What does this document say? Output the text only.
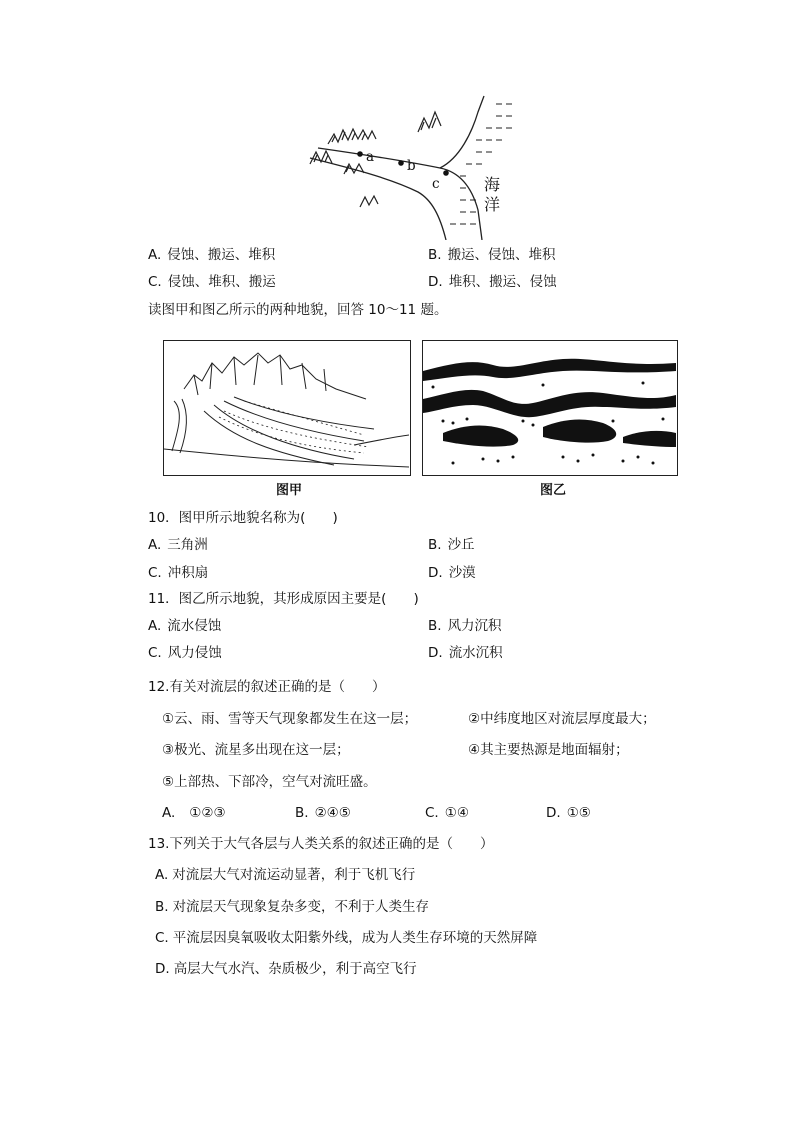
a
b
c	海
洋
A. 侵蚀、搬运、堆积	B. 搬运、侵蚀、堆积
C. 侵蚀、堆积、搬运	D. 堆积、搬运、侵蚀
读图甲和图乙所示的两种地貌，回答 10～11 题。
图甲	图乙
10．图甲所示地貌名称为(　　)
A. 三角洲	B. 沙丘
C. 冲积扇	D. 沙漠
11．图乙所示地貌，其形成原因主要是(　　)
A. 流水侵蚀	B. 风力沉积
C. 风力侵蚀	D. 流水沉积
12.有关对流层的叙述正确的是（　　）
①云、雨、雪等天气现象都发生在这一层；	②中纬度地区对流层厚度最大；
③极光、流星多出现在这一层；	④其主要热源是地面辐射；
⑤上部热、下部冷，空气对流旺盛。
A. ①②③	B. ②④⑤	C. ①④	D. ①⑤
13.下列关于大气各层与人类关系的叙述正确的是（　　）
A. 对流层大气对流运动显著，利于飞机飞行
B. 对流层天气现象复杂多变，不利于人类生存
C. 平流层因臭氧吸收太阳紫外线，成为人类生存环境的天然屏障
D. 高层大气水汽、杂质极少，利于高空飞行
